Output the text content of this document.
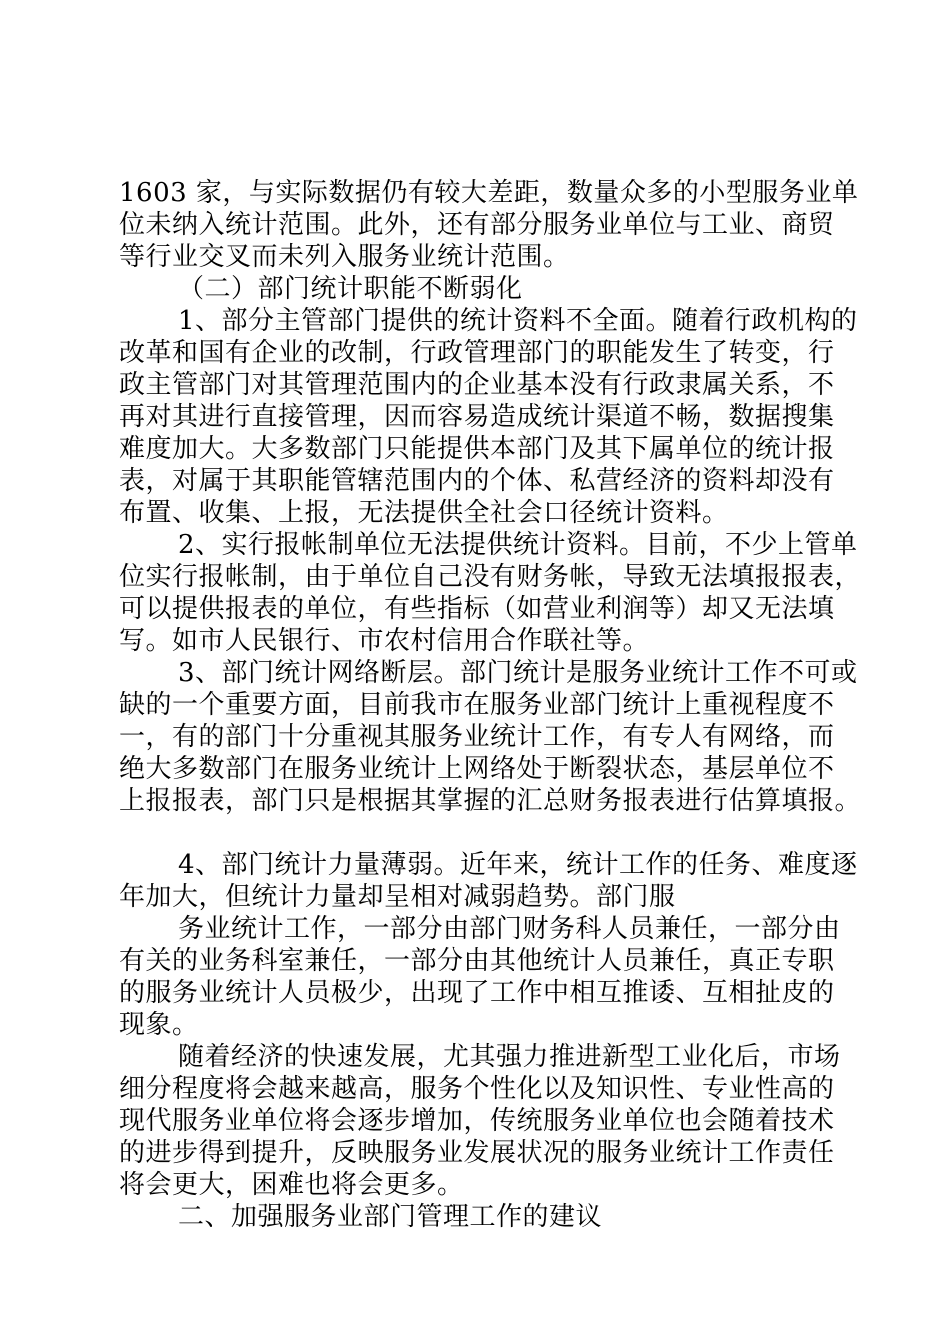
1603 家，与实际数据仍有较大差距，数量众多的小型服务业单
位未纳入统计范围。此外，还有部分服务业单位与工业、商贸
等行业交叉而未列入服务业统计范围。
（二）部门统计职能不断弱化
1、部分主管部门提供的统计资料不全面。随着行政机构的
改革和国有企业的改制，行政管理部门的职能发生了转变，行
政主管部门对其管理范围内的企业基本没有行政隶属关系，不
再对其进行直接管理，因而容易造成统计渠道不畅，数据搜集
难度加大。大多数部门只能提供本部门及其下属单位的统计报
表，对属于其职能管辖范围内的个体、私营经济的资料却没有
布置、收集、上报，无法提供全社会口径统计资料。
2、实行报帐制单位无法提供统计资料。目前，不少上管单
位实行报帐制，由于单位自己没有财务帐，导致无法填报报表，
可以提供报表的单位，有些指标（如营业利润等）却又无法填
写。如市人民银行、市农村信用合作联社等。
3、部门统计网络断层。部门统计是服务业统计工作不可或
缺的一个重要方面，目前我市在服务业部门统计上重视程度不
一，有的部门十分重视其服务业统计工作，有专人有网络，而
绝大多数部门在服务业统计上网络处于断裂状态，基层单位不
上报报表，部门只是根据其掌握的汇总财务报表进行估算填报。
4、部门统计力量薄弱。近年来，统计工作的任务、难度逐
年加大，但统计力量却呈相对减弱趋势。部门服
务业统计工作，一部分由部门财务科人员兼任，一部分由
有关的业务科室兼任，一部分由其他统计人员兼任，真正专职
的服务业统计人员极少，出现了工作中相互推诿、互相扯皮的
现象。
随着经济的快速发展，尤其强力推进新型工业化后，市场
细分程度将会越来越高，服务个性化以及知识性、专业性高的
现代服务业单位将会逐步增加，传统服务业单位也会随着技术
的进步得到提升，反映服务业发展状况的服务业统计工作责任
将会更大，困难也将会更多。
二、加强服务业部门管理工作的建议
